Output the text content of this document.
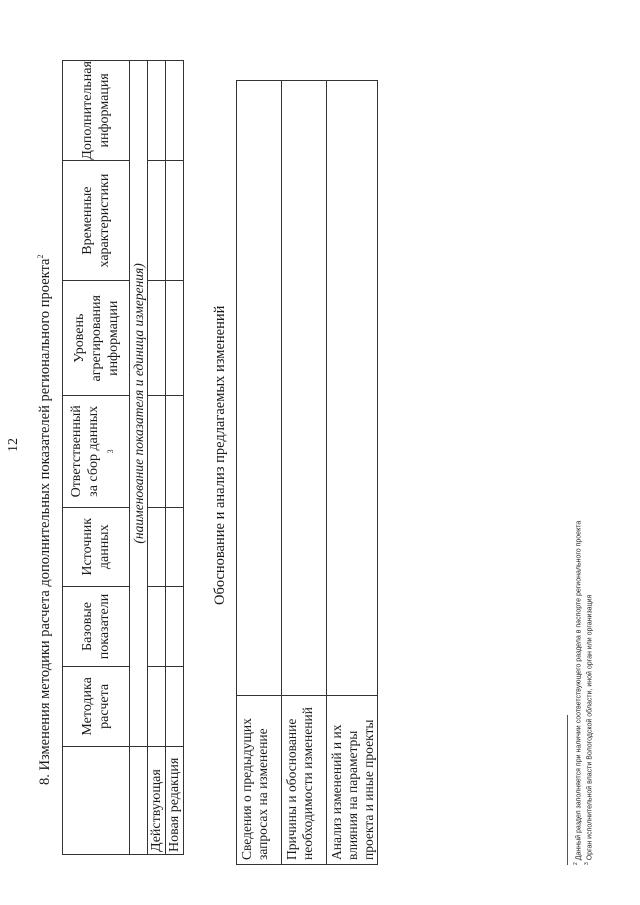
12 8. Изменения методики расчета дополнительных показателей регионального проекта$^2$

	Методика расчета	Базовые показатели	Источник данных	Ответственный за сбор данных $^3$	Уровень агрегирования информации	Временные характеристики	Дополнительная информация

	(наименование показателя и единица измерения)						
Действующая							
Новая редакция							
Обоснование и анализ предлагаемых изменений
Сведения о предыдущих запросах на изменение	
Причины и обоснование необходимости изменений	
Анализ изменений и их влияния на параметры проекта и иные проекты	
$^2$ Данный раздел заполняется при наличии соответствующего раздела в паспорте регионального проекта
$^3$ Орган исполнительной власти Вологодской области, иной орган или организация
